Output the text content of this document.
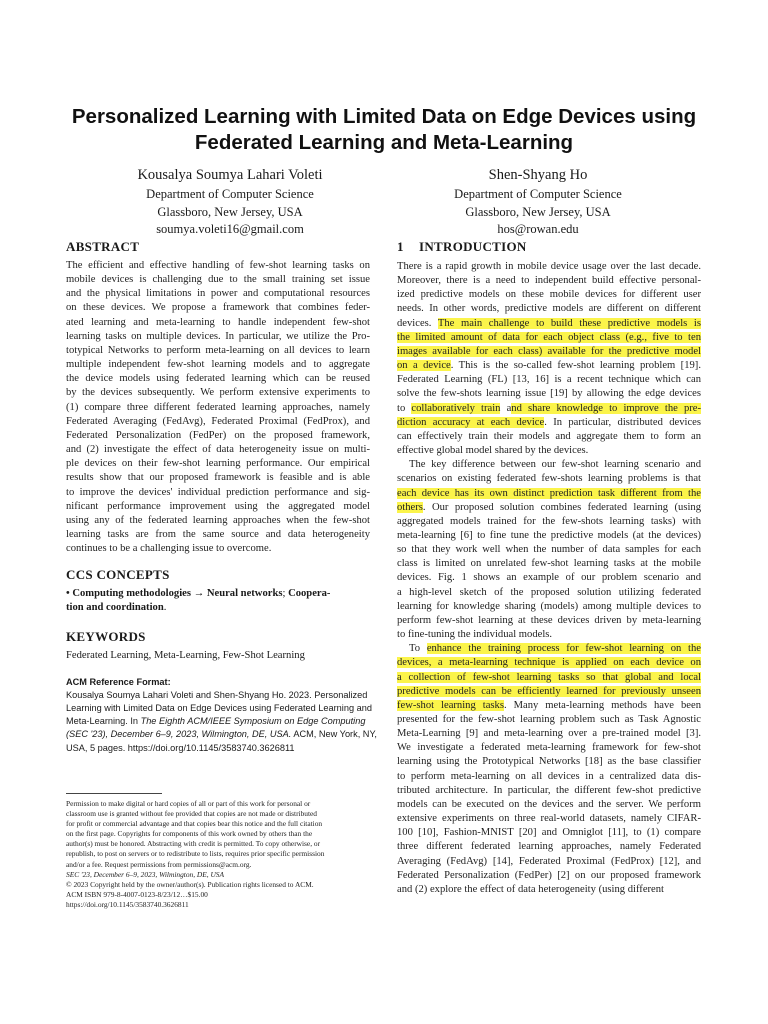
Personalized Learning with Limited Data on Edge Devices using
Federated Learning and Meta-Learning
Kousalya Soumya Lahari Voleti
Department of Computer Science
Glassboro, New Jersey, USA
soumya.voleti16@gmail.com
Shen-Shyang Ho
Department of Computer Science
Glassboro, New Jersey, USA
hos@rowan.edu
ABSTRACT
The efficient and effective handling of few-shot learning tasks on
mobile devices is challenging due to the small training set issue
and the physical limitations in power and computational resources
on these devices. We propose a framework that combines feder-
ated learning and meta-learning to handle independent few-shot
learning tasks on multiple devices. In particular, we utilize the Pro-
totypical Networks to perform meta-learning on all devices to learn
multiple independent few-shot learning models and to aggregate
the device models using federated learning which can be reused
by the devices subsequently. We perform extensive experiments to
(1) compare three different federated learning approaches, namely
Federated Averaging (FedAvg), Federated Proximal (FedProx), and
Federated Personalization (FedPer) on the proposed framework,
and (2) investigate the effect of data heterogeneity issue on multi-
ple devices on their few-shot learning performance. Our empirical
results show that our proposed framework is feasible and is able
to improve the devices' individual prediction performance and sig-
nificant performance improvement using the aggregated model
using any of the federated learning approaches when the few-shot
learning tasks are from the same source and data heterogeneity
continues to be a challenging issue to overcome.
CCS CONCEPTS
• Computing methodologies → Neural networks; Coopera-
tion and coordination.
KEYWORDS
Federated Learning, Meta-Learning, Few-Shot Learning
ACM Reference Format:
Kousalya Soumya Lahari Voleti and Shen-Shyang Ho. 2023. Personalized
Learning with Limited Data on Edge Devices using Federated Learning and
Meta-Learning. In The Eighth ACM/IEEE Symposium on Edge Computing
(SEC '23), December 6–9, 2023, Wilmington, DE, USA. ACM, New York, NY,
USA, 5 pages. https://doi.org/10.1145/3583740.3626811
Permission to make digital or hard copies of all or part of this work for personal or
classroom use is granted without fee provided that copies are not made or distributed
for profit or commercial advantage and that copies bear this notice and the full citation
on the first page. Copyrights for components of this work owned by others than the
author(s) must be honored. Abstracting with credit is permitted. To copy otherwise, or
republish, to post on servers or to redistribute to lists, requires prior specific permission
and/or a fee. Request permissions from permissions@acm.org.
SEC '23, December 6–9, 2023, Wilmington, DE, USA
© 2023 Copyright held by the owner/author(s). Publication rights licensed to ACM.
ACM ISBN 979-8-4007-0123-8/23/12…$15.00
https://doi.org/10.1145/3583740.3626811
1 INTRODUCTION
There is a rapid growth in mobile device usage over the last decade.
Moreover, there is a need to independent build effective personal-
ized predictive models on these mobile devices for different user
needs. In other words, predictive models are different on different
devices. The main challenge to build these predictive models is
the limited amount of data for each object class (e.g., five to ten
images available for each class) available for the predictive model
on a device. This is the so-called few-shot learning problem [19].
Federated Learning (FL) [13, 16] is a recent technique which can
solve the few-shots learning issue [19] by allowing the edge devices
to collaboratively train and share knowledge to improve the pre-
diction accuracy at each device. In particular, distributed devices
can effectively train their models and aggregate them to form an
effective global model shared by the devices.
The key difference between our few-shot learning scenario and
scenarios on existing federated few-shots learning problems is that
each device has its own distinct prediction task different from the
others. Our proposed solution combines federated learning (using
aggregated models trained for the few-shots learning tasks) with
meta-learning [6] to fine tune the predictive models (at the devices)
so that they work well when the number of data samples for each
class is limited on unrelated few-shot learning tasks at the mobile
devices. Fig. 1 shows an example of our problem scenario and
a high-level sketch of the proposed solution utilizing federated
learning for knowledge sharing (models) among multiple devices to
perform few-shot learning at these devices driven by meta-learning
to fine-tuning the individual models.
To enhance the training process for few-shot learning on the
devices, a meta-learning technique is applied on each device on
a collection of few-shot learning tasks so that global and local
predictive models can be efficiently learned for previously unseen
few-shot learning tasks. Many meta-learning methods have been
presented for the few-shot learning problem such as Task Agnostic
Meta-Learning [9] and meta-learning over a pre-trained model [3].
We investigate a federated meta-learning framework for few-shot
learning using the Prototypical Networks [18] as the base classifier
to perform meta-learning on all devices in a centralized data dis-
tributed architecture. In particular, the different few-shot predictive
models can be executed on the devices and the server. We perform
extensive experiments on three real-world datasets, namely CIFAR-
100 [10], Fashion-MNIST [20] and Omniglot [11], to (1) compare
three different federated learning approaches, namely Federated
Averaging (FedAvg) [14], Federated Proximal (FedProx) [12], and
Federated Personalization (FedPer) [2] on our proposed framework
and (2) explore the effect of data heterogeneity (using different
